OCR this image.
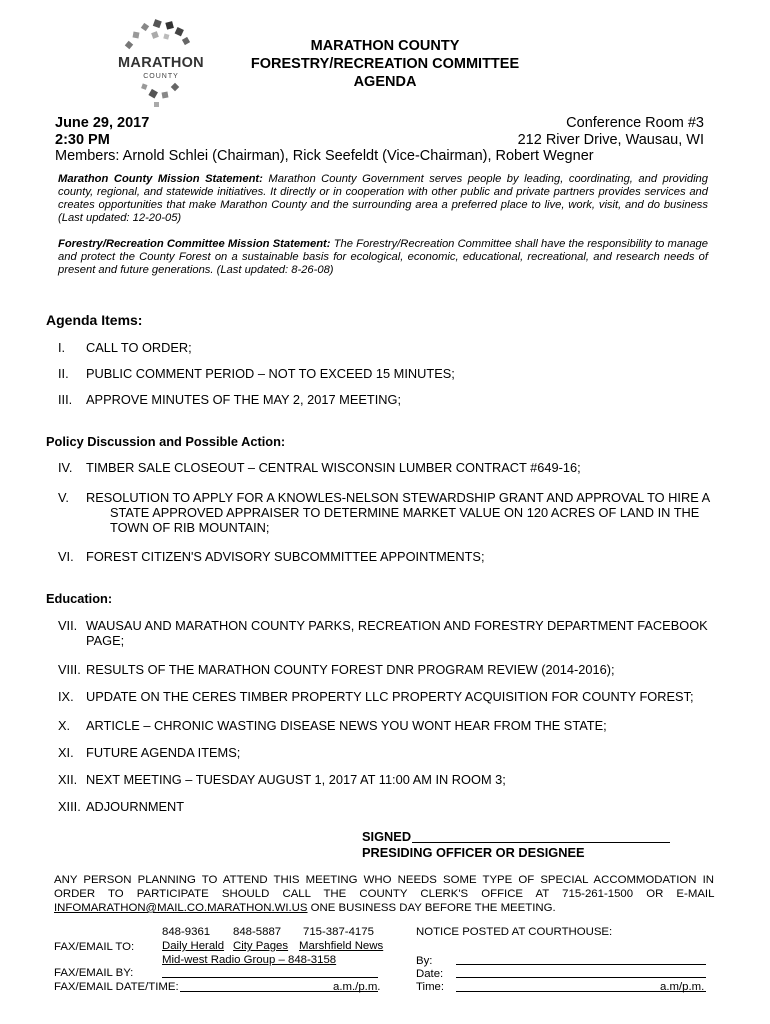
MARATHON
COUNTY
MARATHON COUNTY
FORESTRY/RECREATION COMMITTEE
AGENDA
June 29, 2017
2:30 PM
Conference Room #3
212 River Drive, Wausau, WI
Members: Arnold Schlei (Chairman), Rick Seefeldt (Vice-Chairman), Robert Wegner
Marathon County Mission Statement: Marathon County Government serves people by leading, coordinating, and providing county, regional, and statewide initiatives. It directly or in cooperation with other public and private partners provides services and creates opportunities that make Marathon County and the surrounding area a preferred place to live, work, visit, and do business (Last updated: 12-20-05)
Forestry/Recreation Committee Mission Statement: The Forestry/Recreation Committee shall have the responsibility to manage and protect the County Forest on a sustainable basis for ecological, economic, educational, recreational, and research needs of present and future generations. (Last updated: 8-26-08)
Agenda Items:
I.	CALL TO ORDER;
II.	PUBLIC COMMENT PERIOD – NOT TO EXCEED 15 MINUTES;
III.	APPROVE MINUTES OF THE MAY 2, 2017 MEETING;
Policy Discussion and Possible Action:
IV.	TIMBER SALE CLOSEOUT – CENTRAL WISCONSIN LUMBER CONTRACT #649-16;
V.	RESOLUTION TO APPLY FOR A KNOWLES-NELSON STEWARDSHIP GRANT AND APPROVAL TO HIRE A
STATE APPROVED APPRAISER TO DETERMINE MARKET VALUE ON 120 ACRES OF LAND IN THE
TOWN OF RIB MOUNTAIN;
VI. FOREST CITIZEN'S ADVISORY SUBCOMMITTEE APPOINTMENTS;
Education:
VII. WAUSAU AND MARATHON COUNTY PARKS, RECREATION AND FORESTRY DEPARTMENT FACEBOOK
PAGE;
VIII. RESULTS OF THE MARATHON COUNTY FOREST DNR PROGRAM REVIEW (2014-2016);
IX. UPDATE ON THE CERES TIMBER PROPERTY LLC PROPERTY ACQUISITION FOR COUNTY FOREST;
X.	ARTICLE – CHRONIC WASTING DISEASE NEWS YOU WONT HEAR FROM THE STATE;
XI. FUTURE AGENDA ITEMS;
XII. NEXT MEETING – TUESDAY AUGUST 1, 2017 AT 11:00 AM IN ROOM 3;
XIII. ADJOURNMENT
SIGNED
PRESIDING OFFICER OR DESIGNEE
ANY PERSON PLANNING TO ATTEND THIS MEETING WHO NEEDS SOME TYPE OF SPECIAL ACCOMMODATION IN ORDER TO PARTICIPATE SHOULD CALL THE COUNTY CLERK'S OFFICE AT 715-261-1500 OR E-MAIL INFOMARATHON@MAIL.CO.MARATHON.WI.US ONE BUSINESS DAY BEFORE THE MEETING.
848-9361 848-5887 715-387-4175
FAX/EMAIL TO: Daily Herald City Pages Marshfield News
Mid-west Radio Group – 848-3158
FAX/EMAIL BY:
FAX/EMAIL DATE/TIME:	a.m./p.m.
NOTICE POSTED AT COURTHOUSE:
By:
Date:
Time:	a.m/p.m.
